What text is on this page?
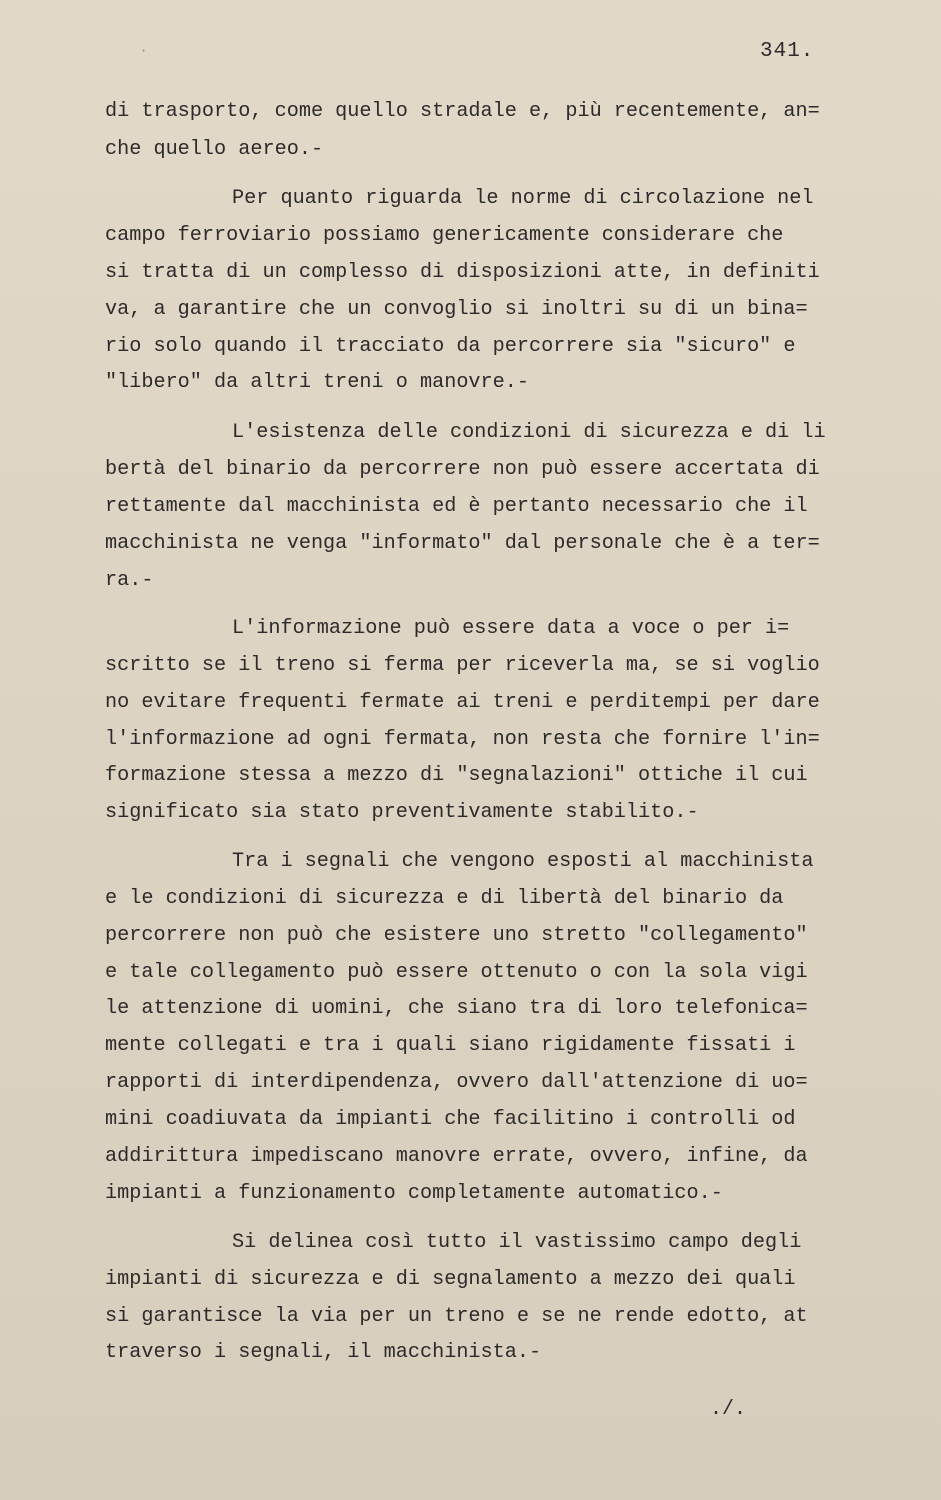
·	341.
di trasporto, come quello stradale e, più recentemente, an=
che quello aereo.-
Per quanto riguarda le norme di circolazione nel
campo ferroviario possiamo genericamente considerare che
si tratta di un complesso di disposizioni atte, in definiti
va, a garantire che un convoglio si inoltri su di un bina=
rio solo quando il tracciato da percorrere sia "sicuro" e
"libero" da altri treni o manovre.-
L'esistenza delle condizioni di sicurezza e di li
bertà del binario da percorrere non può essere accertata di
rettamente dal macchinista ed è pertanto necessario che il
macchinista ne venga "informato" dal personale che è a ter=
ra.-
L'informazione può essere data a voce o per i=
scritto se il treno si ferma per riceverla ma, se si voglio
no evitare frequenti fermate ai treni e perditempi per dare
l'informazione ad ogni fermata, non resta che fornire l'in=
formazione stessa a mezzo di "segnalazioni" ottiche il cui
significato sia stato preventivamente stabilito.-
Tra i segnali che vengono esposti al macchinista
e le condizioni di sicurezza e di libertà del binario da
percorrere non può che esistere uno stretto "collegamento"
e tale collegamento può essere ottenuto o con la sola vigi
le attenzione di uomini, che siano tra di loro telefonica=
mente collegati e tra i quali siano rigidamente fissati i
rapporti di interdipendenza, ovvero dall'attenzione di uo=
mini coadiuvata da impianti che facilitino i controlli od
addirittura impediscano manovre errate, ovvero, infine, da
impianti a funzionamento completamente automatico.-
Si delinea così tutto il vastissimo campo degli
impianti di sicurezza e di segnalamento a mezzo dei quali
si garantisce la via per un treno e se ne rende edotto, at
traverso i segnali, il macchinista.-
./.
